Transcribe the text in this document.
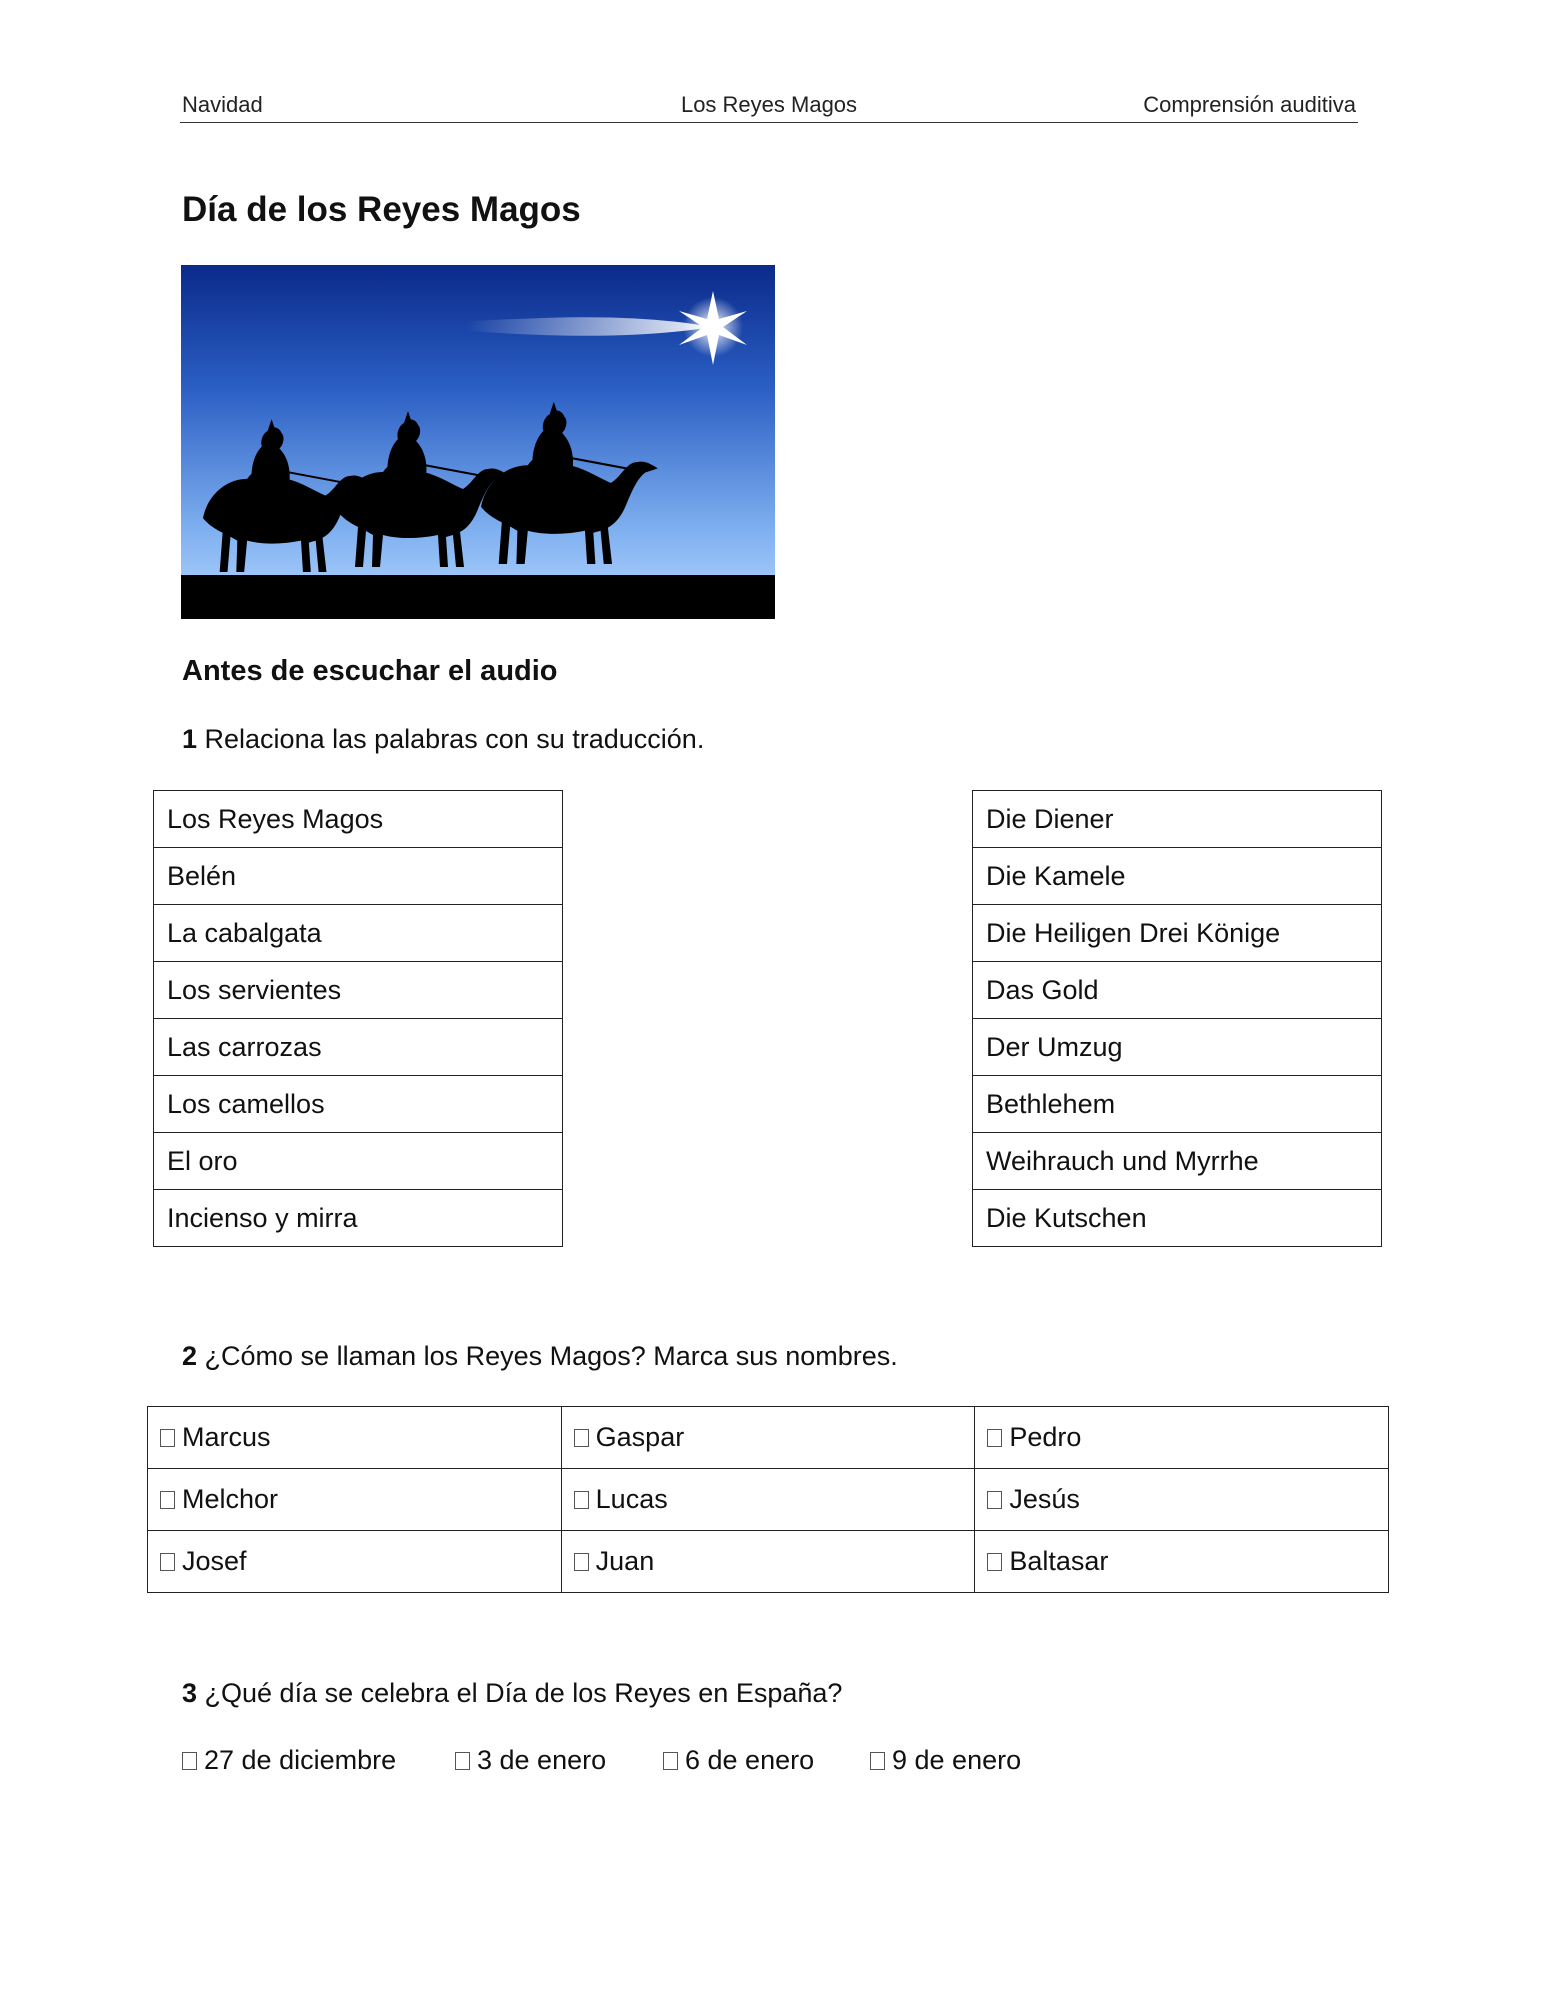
Navidad	Los Reyes Magos	Comprensión auditiva
Día de los Reyes Magos
Antes de escuchar el audio

1 Relaciona las palabras con su traducción.

Los Reyes Magos
Belén
La cabalgata
Los servientes
Las carrozas
Los camellos
El oro
Incienso y mirra
Die Diener
Die Kamele
Die Heiligen Drei Könige
Das Gold
Der Umzug
Bethlehem
Weihrauch und Myrrhe
Die Kutschen

2 ¿Cómo se llaman los Reyes Magos? Marca sus nombres.

Marcus	Gaspar	Pedro
Melchor	Lucas	Jesús
Josef	Juan	Baltasar

3 ¿Qué día se celebra el Día de los Reyes en España?

27 de diciembre	3 de enero	6 de enero	9 de enero
